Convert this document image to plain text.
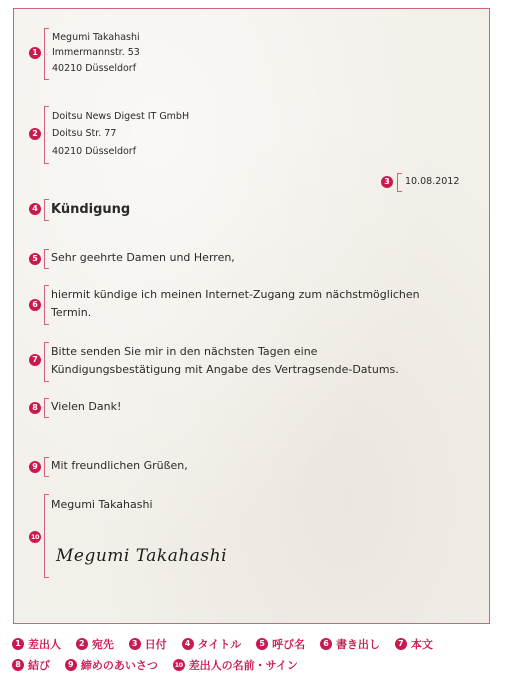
1
Megumi Takahashi
Immermannstr. 53
40210 Düsseldorf
2
Doitsu News Digest IT GmbH
Doitsu Str. 77
40210 Düsseldorf
3	10.08.2012
4 Kündigung
5 Sehr geehrte Damen und Herren,
6
hiermit kündige ich meinen Internet-Zugang zum nächstmöglichen
Termin.
7
Bitte senden Sie mir in den nächsten Tagen eine
Kündigungsbestätigung mit Angabe des Vertragsende-Datums.
8 Vielen Dank!
9 Mit freundlichen Grüßen,
10
Megumi Takahashi
Megumi Takahashi
1 差出人
	2 宛先
	3 日付
	4 タイトル
	5 呼び名
	6 書き出し
	7 本文
8 結び
	9 締めのあいさつ
	10 差出人の名前・サイン
